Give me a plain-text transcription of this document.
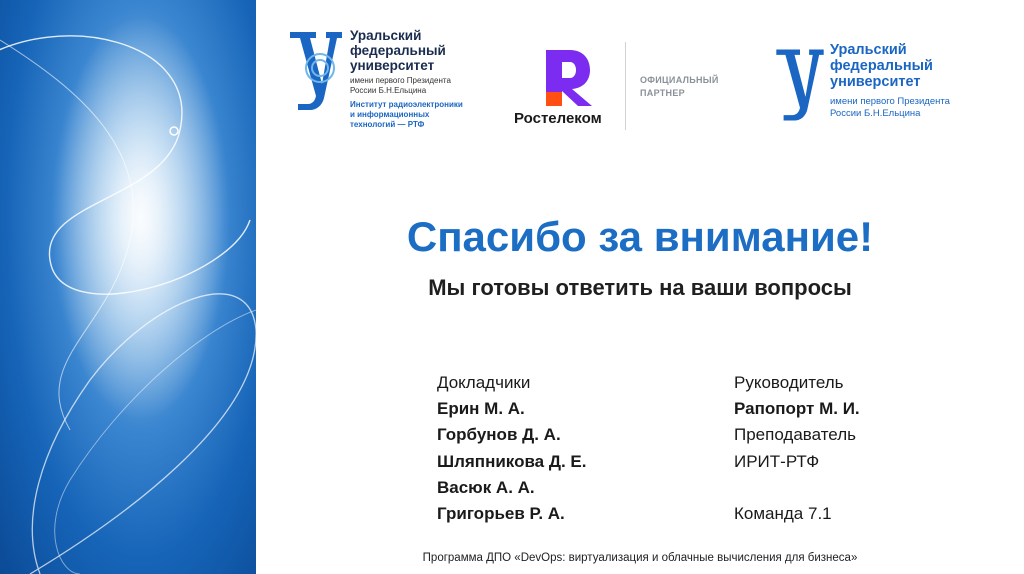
Уральский
федеральный
университет
имени первого Президента
России Б.Н.Ельцина
Институт радиоэлектроники
и информационных
технологий — РТФ	Ростелеком
ОФИЦИАЛЬНЫЙ
ПАРТНЕР
Уральский
федеральный
университет
имени первого Президента
России Б.Н.Ельцина
Спасибо за внимание!
Мы готовы ответить на ваши вопросы
Докладчики
Ерин М. А.
Горбунов Д. А.
Шляпникова Д. Е.
Васюк А. А.
Григорьев Р. А.
Руководитель
Рапопорт М. И.
Преподаватель
ИРИТ-РТФ
Команда 7.1
Программа ДПО «DevOps: виртуализация и облачные вычисления для бизнеса»
